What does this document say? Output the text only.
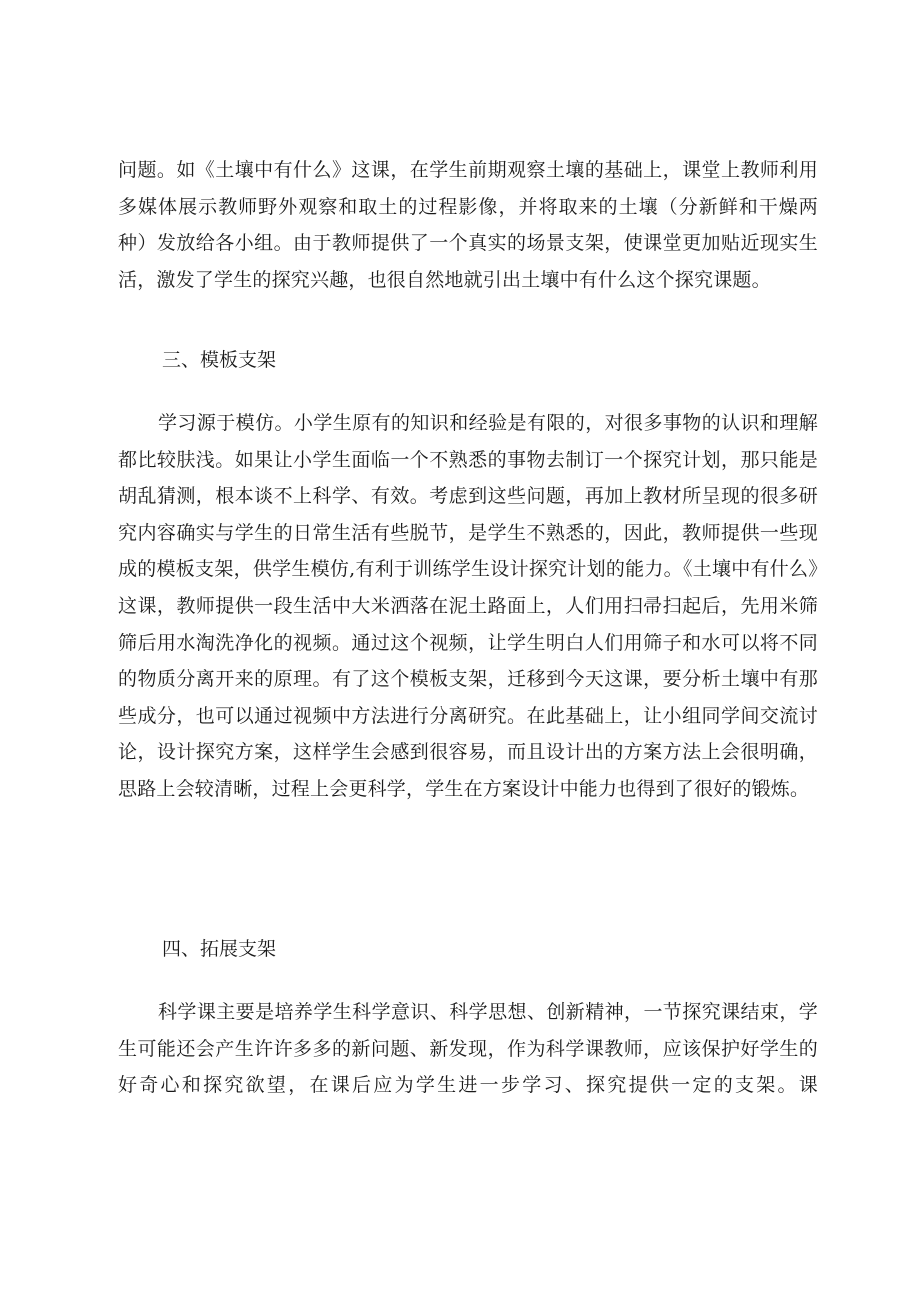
问题。如《土壤中有什么》这课，在学生前期观察土壤的基础上，课堂上教师利用多媒体展示教师野外观察和取土的过程影像，并将取来的土壤（分新鲜和干燥两种）发放给各小组。由于教师提供了一个真实的场景支架，使课堂更加贴近现实生活，激发了学生的探究兴趣，也很自然地就引出土壤中有什么这个探究课题。
三、模板支架
学习源于模仿。小学生原有的知识和经验是有限的，对很多事物的认识和理解都比较肤浅。如果让小学生面临一个不熟悉的事物去制订一个探究计划，那只能是胡乱猜测，根本谈不上科学、有效。考虑到这些问题，再加上教材所呈现的很多研究内容确实与学生的日常生活有些脱节，是学生不熟悉的，因此，教师提供一些现成的模板支架，供学生模仿,有利于训练学生设计探究计划的能力。《土壤中有什么》这课，教师提供一段生活中大米洒落在泥土路面上，人们用扫帚扫起后，先用米筛筛后用水淘洗净化的视频。通过这个视频，让学生明白人们用筛子和水可以将不同的物质分离开来的原理。有了这个模板支架，迁移到今天这课，要分析土壤中有那些成分，也可以通过视频中方法进行分离研究。在此基础上，让小组同学间交流讨论，设计探究方案，这样学生会感到很容易，而且设计出的方案方法上会很明确，思路上会较清晰，过程上会更科学，学生在方案设计中能力也得到了很好的锻炼。
四、拓展支架
科学课主要是培养学生科学意识、科学思想、创新精神，一节探究课结束，学生可能还会产生许许多多的新问题、新发现，作为科学课教师，应该保护好学生的好奇心和探究欲望，在课后应为学生进一步学习、探究提供一定的支架。课
